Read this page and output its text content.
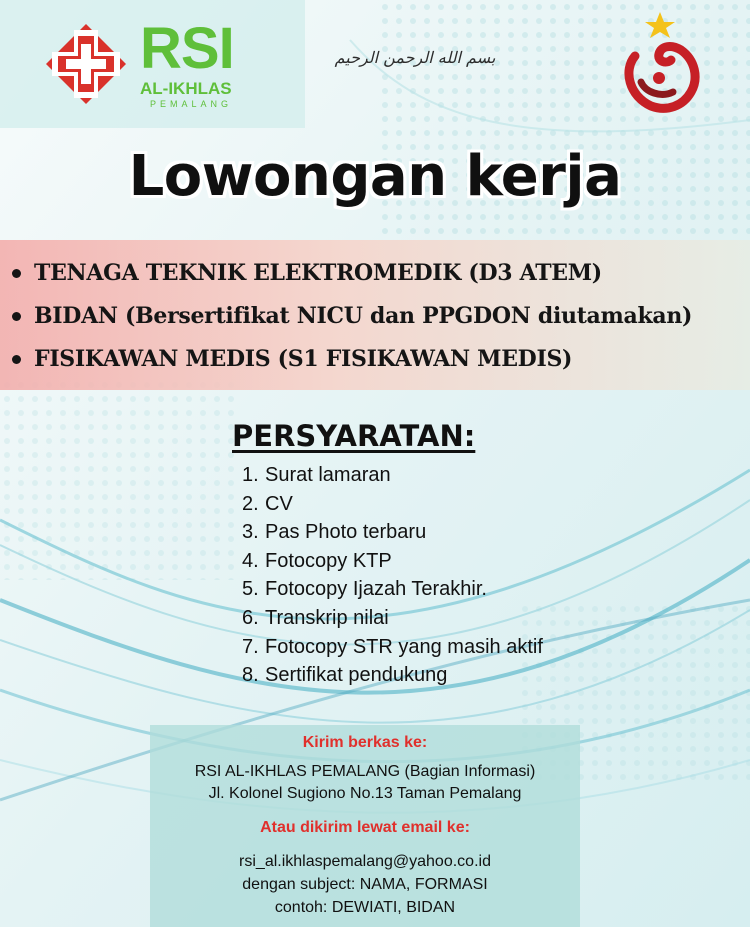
RSI
AL-IKHLAS
PEMALANG
بسم الله الرحمن الرحيم
Lowongan kerja
TENAGA TEKNIK ELEKTROMEDIK (D3 ATEM)
BIDAN (Bersertifikat NICU dan PPGDON diutamakan)
FISIKAWAN MEDIS (S1 FISIKAWAN MEDIS)
PERSYARATAN:
1. Surat lamaran
2. CV
3. Pas Photo terbaru
4. Fotocopy KTP
5. Fotocopy Ijazah Terakhir.
6. Transkrip nilai
7. Fotocopy STR yang masih aktif
8. Sertifikat pendukung
Kirim berkas ke:
RSI AL-IKHLAS PEMALANG (Bagian Informasi)
Jl. Kolonel Sugiono No.13 Taman Pemalang
Atau dikirim lewat email ke:
rsi_al.ikhlaspemalang@yahoo.co.id
dengan subject: NAMA, FORMASI
contoh: DEWIATI, BIDAN
